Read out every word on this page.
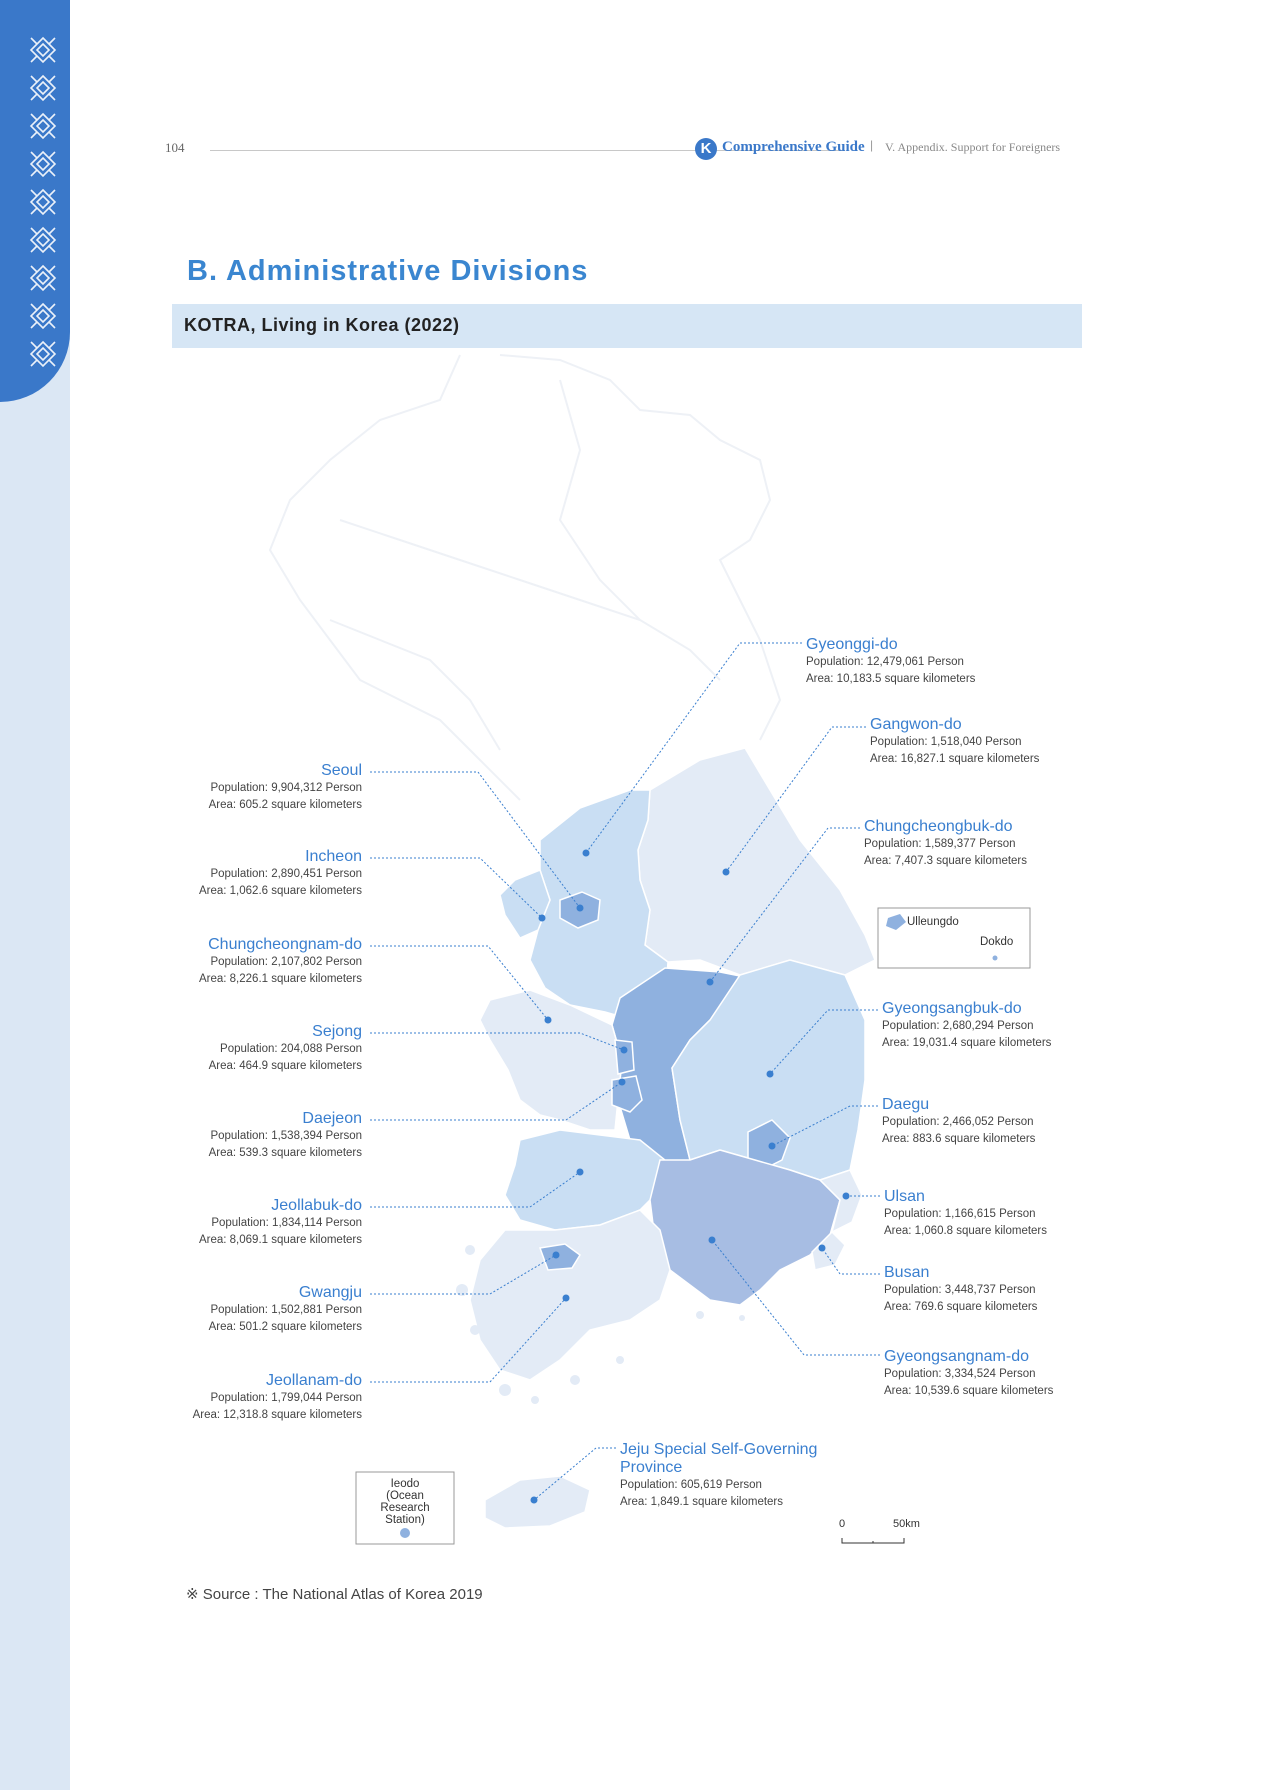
104	K Comprehensive Guide | V. Appendix. Support for Foreigners
B. Administrative Divisions
KOTRA, Living in Korea (2022)
Seoul
Population: 9,904,312 Person
Area: 605.2 square kilometers
Incheon
Population: 2,890,451 Person
Area: 1,062.6 square kilometers
Chungcheongnam-do
Population: 2,107,802 Person
Area: 8,226.1 square kilometers
Sejong
Population: 204,088 Person
Area: 464.9 square kilometers
Daejeon
Population: 1,538,394 Person
Area: 539.3 square kilometers
Jeollabuk-do
Population: 1,834,114 Person
Area: 8,069.1 square kilometers
Gwangju
Population: 1,502,881 Person
Area: 501.2 square kilometers
Jeollanam-do
Population: 1,799,044 Person
Area: 12,318.8 square kilometers
Gyeonggi-do
Population: 12,479,061 Person
Area: 10,183.5 square kilometers
Gangwon-do
Population: 1,518,040 Person
Area: 16,827.1 square kilometers
Chungcheongbuk-do
Population: 1,589,377 Person
Area: 7,407.3 square kilometers
Gyeongsangbuk-do
Population: 2,680,294 Person
Area: 19,031.4 square kilometers
Daegu
Population: 2,466,052 Person
Area: 883.6 square kilometers
Ulsan
Population: 1,166,615 Person
Area: 1,060.8 square kilometers
Busan
Population: 3,448,737 Person
Area: 769.6 square kilometers
Gyeongsangnam-do
Population: 3,334,524 Person
Area: 10,539.6 square kilometers
Jeju Special Self-Governing Province
Population: 605,619 Person
Area: 1,849.1 square kilometers
Ulleungdo
Dokdo
Ieodo
(Ocean Research Station)	0	50km
※ Source : The National Atlas of Korea 2019
